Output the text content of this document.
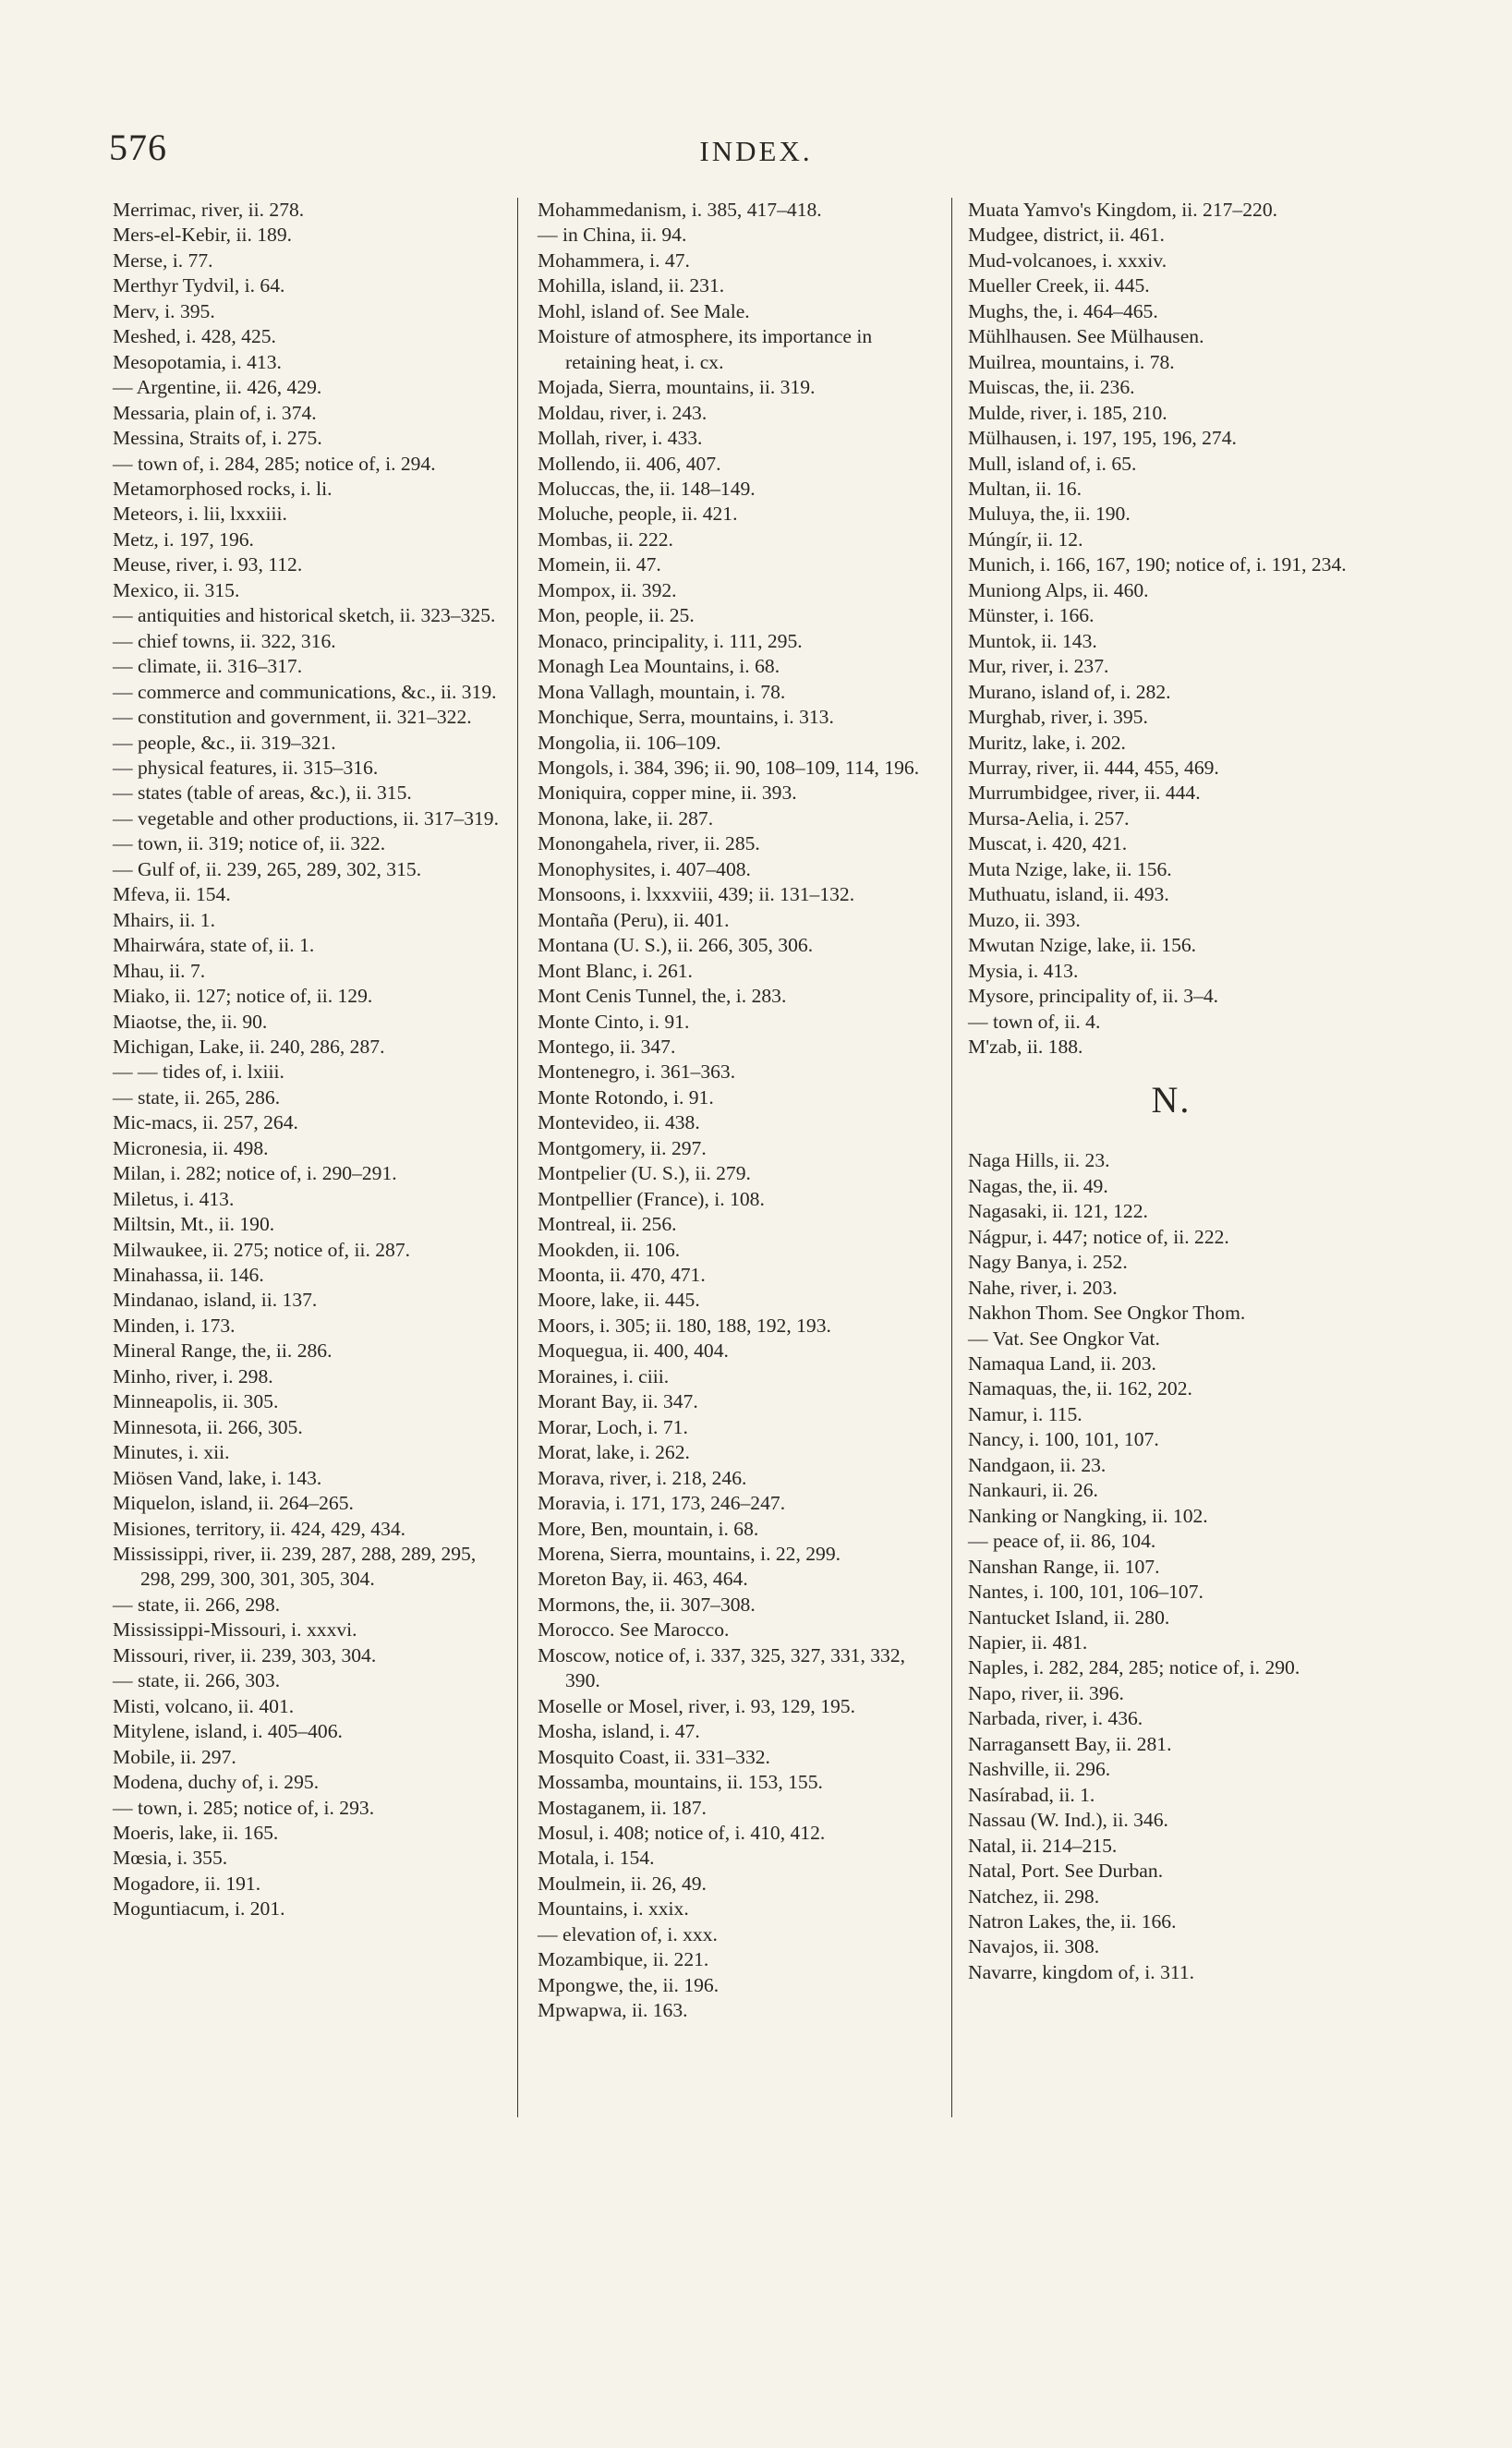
576	INDEX.

Merrimac, river, ii. 278.

Mers-el-Kebir, ii. 189.

Merse, i. 77.

Merthyr Tydvil, i. 64.

Merv, i. 395.

Meshed, i. 428, 425.

Mesopotamia, i. 413.

— Argentine, ii. 426, 429.

Messaria, plain of, i. 374.

Messina, Straits of, i. 275.

— town of, i. 284, 285; notice of, i. 294.

Metamorphosed rocks, i. li.

Meteors, i. lii, lxxxiii.

Metz, i. 197, 196.

Meuse, river, i. 93, 112.

Mexico, ii. 315.

— antiquities and historical sketch, ii. 323–325.

— chief towns, ii. 322, 316.

— climate, ii. 316–317.

— commerce and communications, &c., ii. 319.

— constitution and government, ii. 321–322.

— people, &c., ii. 319–321.

— physical features, ii. 315–316.

— states (table of areas, &c.), ii. 315.

— vegetable and other productions, ii. 317–319.

— town, ii. 319; notice of, ii. 322.

— Gulf of, ii. 239, 265, 289, 302, 315.

Mfeva, ii. 154.

Mhairs, ii. 1.

Mhairwára, state of, ii. 1.

Mhau, ii. 7.

Miako, ii. 127; notice of, ii. 129.

Miaotse, the, ii. 90.

Michigan, Lake, ii. 240, 286, 287.

— — tides of, i. lxiii.

— state, ii. 265, 286.

Mic-macs, ii. 257, 264.

Micronesia, ii. 498.

Milan, i. 282; notice of, i. 290–291.

Miletus, i. 413.

Miltsin, Mt., ii. 190.

Milwaukee, ii. 275; notice of, ii. 287.

Minahassa, ii. 146.

Mindanao, island, ii. 137.

Minden, i. 173.

Mineral Range, the, ii. 286.

Minho, river, i. 298.

Minneapolis, ii. 305.

Minnesota, ii. 266, 305.

Minutes, i. xii.

Miösen Vand, lake, i. 143.

Miquelon, island, ii. 264–265.

Misiones, territory, ii. 424, 429, 434.

Mississippi, river, ii. 239, 287, 288, 289, 295, 298, 299, 300, 301, 305, 304.

— state, ii. 266, 298.

Mississippi-Missouri, i. xxxvi.

Missouri, river, ii. 239, 303, 304.

— state, ii. 266, 303.

Misti, volcano, ii. 401.

Mitylene, island, i. 405–406.

Mobile, ii. 297.

Modena, duchy of, i. 295.

— town, i. 285; notice of, i. 293.

Moeris, lake, ii. 165.

Mœsia, i. 355.

Mogadore, ii. 191.

Moguntiacum, i. 201.

Mohammedanism, i. 385, 417–418.

— in China, ii. 94.

Mohammera, i. 47.

Mohilla, island, ii. 231.

Mohl, island of. See Male.

Moisture of atmosphere, its importance in retaining heat, i. cx.

Mojada, Sierra, mountains, ii. 319.

Moldau, river, i. 243.

Mollah, river, i. 433.

Mollendo, ii. 406, 407.

Moluccas, the, ii. 148–149.

Moluche, people, ii. 421.

Mombas, ii. 222.

Momein, ii. 47.

Mompox, ii. 392.

Mon, people, ii. 25.

Monaco, principality, i. 111, 295.

Monagh Lea Mountains, i. 68.

Mona Vallagh, mountain, i. 78.

Monchique, Serra, mountains, i. 313.

Mongolia, ii. 106–109.

Mongols, i. 384, 396; ii. 90, 108–109, 114, 196.

Moniquira, copper mine, ii. 393.

Monona, lake, ii. 287.

Monongahela, river, ii. 285.

Monophysites, i. 407–408.

Monsoons, i. lxxxviii, 439; ii. 131–132.

Montaña (Peru), ii. 401.

Montana (U. S.), ii. 266, 305, 306.

Mont Blanc, i. 261.

Mont Cenis Tunnel, the, i. 283.

Monte Cinto, i. 91.

Montego, ii. 347.

Montenegro, i. 361–363.

Monte Rotondo, i. 91.

Montevideo, ii. 438.

Montgomery, ii. 297.

Montpelier (U. S.), ii. 279.

Montpellier (France), i. 108.

Montreal, ii. 256.

Mookden, ii. 106.

Moonta, ii. 470, 471.

Moore, lake, ii. 445.

Moors, i. 305; ii. 180, 188, 192, 193.

Moquegua, ii. 400, 404.

Moraines, i. ciii.

Morant Bay, ii. 347.

Morar, Loch, i. 71.

Morat, lake, i. 262.

Morava, river, i. 218, 246.

Moravia, i. 171, 173, 246–247.

More, Ben, mountain, i. 68.

Morena, Sierra, mountains, i. 22, 299.

Moreton Bay, ii. 463, 464.

Mormons, the, ii. 307–308.

Morocco. See Marocco.

Moscow, notice of, i. 337, 325, 327, 331, 332, 390.

Moselle or Mosel, river, i. 93, 129, 195.

Mosha, island, i. 47.

Mosquito Coast, ii. 331–332.

Mossamba, mountains, ii. 153, 155.

Mostaganem, ii. 187.

Mosul, i. 408; notice of, i. 410, 412.

Motala, i. 154.

Moulmein, ii. 26, 49.

Mountains, i. xxix.

— elevation of, i. xxx.

Mozambique, ii. 221.

Mpongwe, the, ii. 196.

Mpwapwa, ii. 163.

Muata Yamvo's Kingdom, ii. 217–220.

Mudgee, district, ii. 461.

Mud-volcanoes, i. xxxiv.

Mueller Creek, ii. 445.

Mughs, the, i. 464–465.

Mühlhausen. See Mülhausen.

Muilrea, mountains, i. 78.

Muiscas, the, ii. 236.

Mulde, river, i. 185, 210.

Mülhausen, i. 197, 195, 196, 274.

Mull, island of, i. 65.

Multan, ii. 16.

Muluya, the, ii. 190.

Múngír, ii. 12.

Munich, i. 166, 167, 190; notice of, i. 191, 234.

Muniong Alps, ii. 460.

Münster, i. 166.

Muntok, ii. 143.

Mur, river, i. 237.

Murano, island of, i. 282.

Murghab, river, i. 395.

Muritz, lake, i. 202.

Murray, river, ii. 444, 455, 469.

Murrumbidgee, river, ii. 444.

Mursa-Aelia, i. 257.

Muscat, i. 420, 421.

Muta Nzige, lake, ii. 156.

Muthuatu, island, ii. 493.

Muzo, ii. 393.

Mwutan Nzige, lake, ii. 156.

Mysia, i. 413.

Mysore, principality of, ii. 3–4.

— town of, ii. 4.

M'zab, ii. 188.

N.

Naga Hills, ii. 23.

Nagas, the, ii. 49.

Nagasaki, ii. 121, 122.

Nágpur, i. 447; notice of, ii. 222.

Nagy Banya, i. 252.

Nahe, river, i. 203.

Nakhon Thom. See Ongkor Thom.

— Vat. See Ongkor Vat.

Namaqua Land, ii. 203.

Namaquas, the, ii. 162, 202.

Namur, i. 115.

Nancy, i. 100, 101, 107.

Nandgaon, ii. 23.

Nankauri, ii. 26.

Nanking or Nangking, ii. 102.

— peace of, ii. 86, 104.

Nanshan Range, ii. 107.

Nantes, i. 100, 101, 106–107.

Nantucket Island, ii. 280.

Napier, ii. 481.

Naples, i. 282, 284, 285; notice of, i. 290.

Napo, river, ii. 396.

Narbada, river, i. 436.

Narragansett Bay, ii. 281.

Nashville, ii. 296.

Nasírabad, ii. 1.

Nassau (W. Ind.), ii. 346.

Natal, ii. 214–215.

Natal, Port. See Durban.

Natchez, ii. 298.

Natron Lakes, the, ii. 166.

Navajos, ii. 308.

Navarre, kingdom of, i. 311.
